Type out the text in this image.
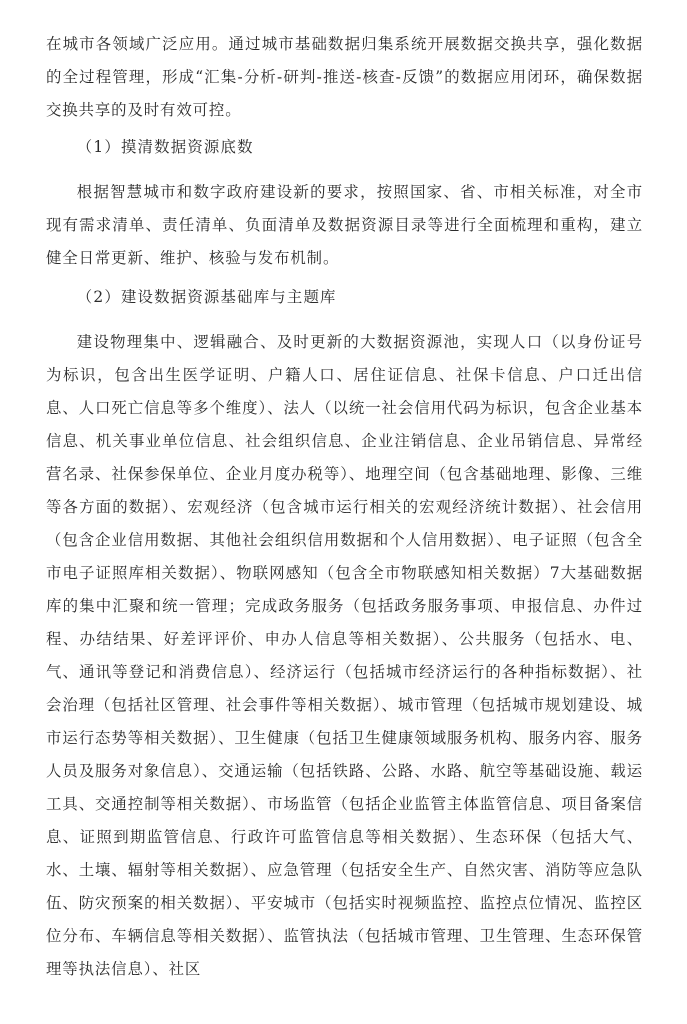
在城市各领域广泛应用。通过城市基础数据归集系统开展数据交换共享，强化数据的全过程管理，形成“汇集-分析-研判-推送-核查-反馈”的数据应用闭环，确保数据交换共享的及时有效可控。

（1）摸清数据资源底数

根据智慧城市和数字政府建设新的要求，按照国家、省、市相关标准，对全市现有需求清单、责任清单、负面清单及数据资源目录等进行全面梳理和重构，建立健全日常更新、维护、核验与发布机制。

（2）建设数据资源基础库与主题库

建设物理集中、逻辑融合、及时更新的大数据资源池，实现人口（以身份证号为标识，包含出生医学证明、户籍人口、居住证信息、社保卡信息、户口迁出信息、人口死亡信息等多个维度）、法人（以统一社会信用代码为标识，包含企业基本信息、机关事业单位信息、社会组织信息、企业注销信息、企业吊销信息、异常经营名录、社保参保单位、企业月度办税等）、地理空间（包含基础地理、影像、三维等各方面的数据）、宏观经济（包含城市运行相关的宏观经济统计数据）、社会信用（包含企业信用数据、其他社会组织信用数据和个人信用数据）、电子证照（包含全市电子证照库相关数据）、物联网感知（包含全市物联感知相关数据）7大基础数据库的集中汇聚和统一管理；完成政务服务（包括政务服务事项、申报信息、办件过程、办结结果、好差评评价、申办人信息等相关数据）、公共服务（包括水、电、气、通讯等登记和消费信息）、经济运行（包括城市经济运行的各种指标数据）、社会治理（包括社区管理、社会事件等相关数据）、城市管理（包括城市规划建设、城市运行态势等相关数据）、卫生健康（包括卫生健康领域服务机构、服务内容、服务人员及服务对象信息）、交通运输（包括铁路、公路、水路、航空等基础设施、载运工具、交通控制等相关数据）、市场监管（包括企业监管主体监管信息、项目备案信息、证照到期监管信息、行政许可监管信息等相关数据）、生态环保（包括大气、水、土壤、辐射等相关数据）、应急管理（包括安全生产、自然灾害、消防等应急队伍、防灾预案的相关数据）、平安城市（包括实时视频监控、监控点位情况、监控区位分布、车辆信息等相关数据）、监管执法（包括城市管理、卫生管理、生态环保管理等执法信息）、社区
